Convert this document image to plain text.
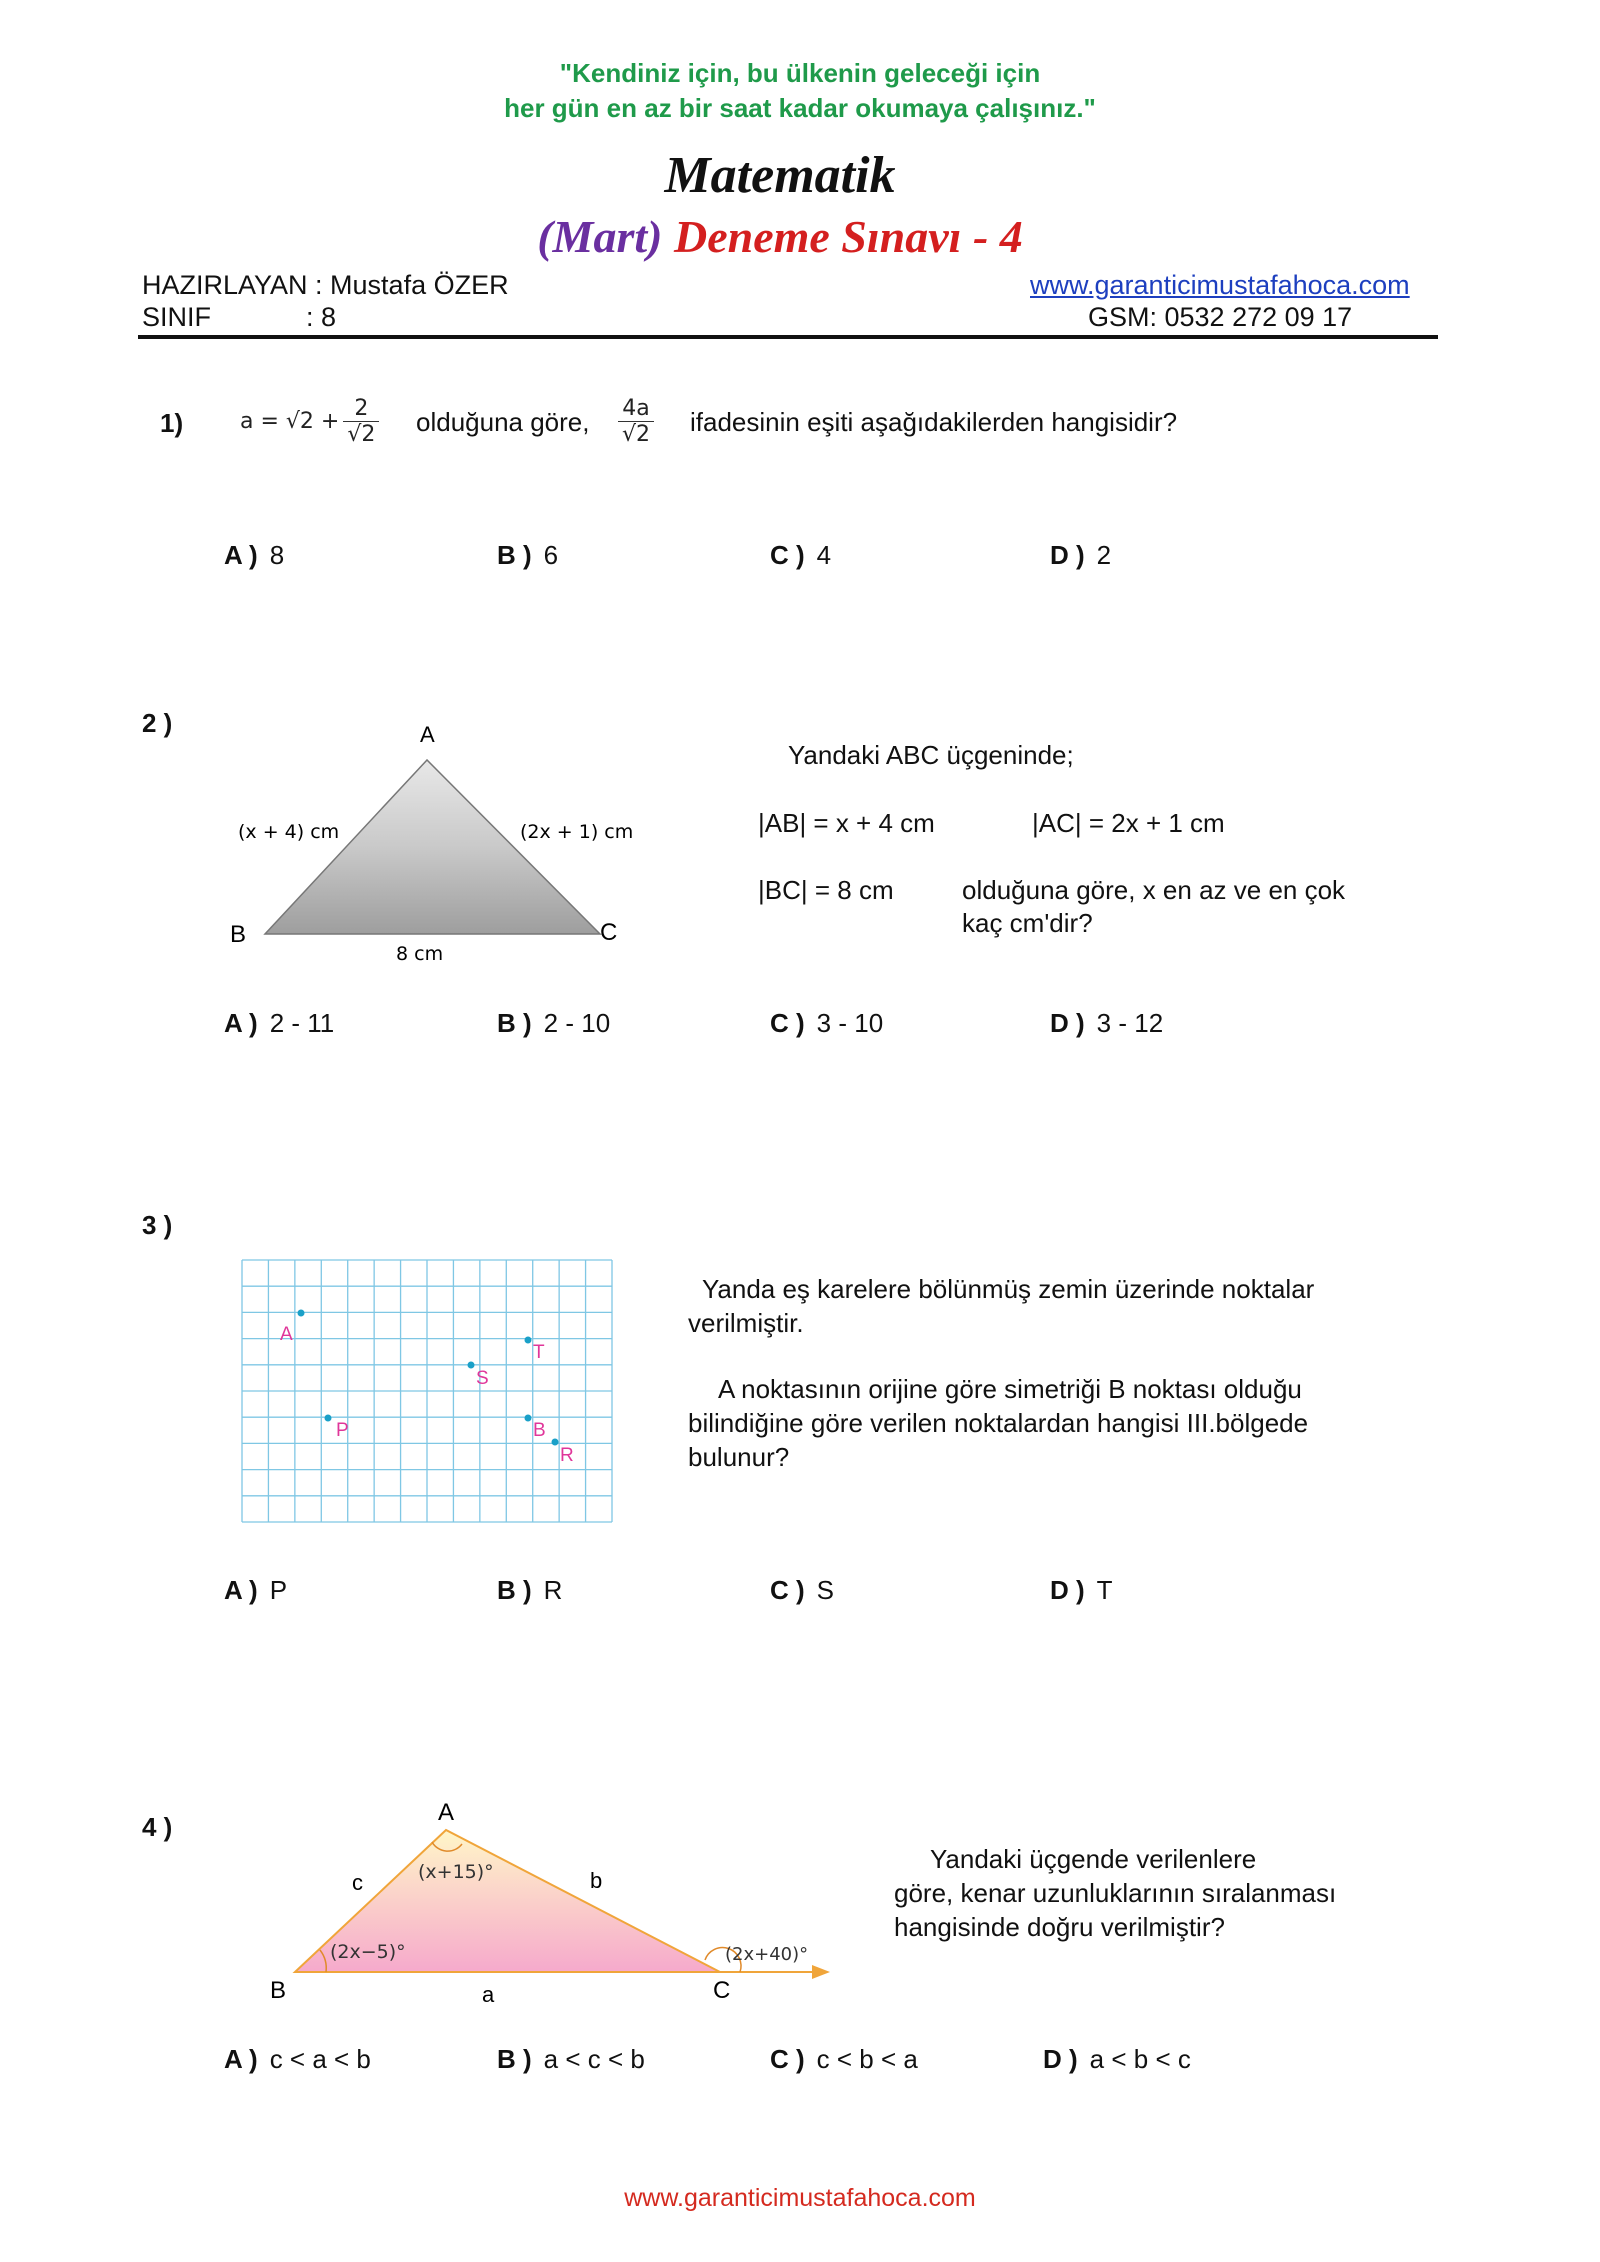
"Kendiniz için, bu ülkenin geleceği için
her gün en az bir saat kadar okumaya çalışınız."
Matematik
(Mart) Deneme Sınavı - 4
HAZIRLAYAN : Mustafa ÖZER
SINIF	: 8
www.garanticimustafahoca.com
GSM: 0532 272 09 17
1)	$a = √2 + \frac{2}{√2}$ olduğuna göre, $\frac{4a}{√2}$ ifadesinin eşiti aşağıdakilerden hangisidir?
A ) 8	B ) 6	C ) 4	D ) 2
2 )	A
B	C
(x + 4) cm	(2x + 1) cm
8 cm
Yandaki ABC üçgeninde;
|AB| = x + 4 cm	|AC| = 2x + 1 cm
|BC| = 8 cm	olduğuna göre, x en az ve en çok
kaç cm'dir?
A ) 2 - 11	B ) 2 - 10	C ) 3 - 10	D ) 3 - 12
3 )
A
T
S
P	B
R
Yanda eş karelere bölünmüş zemin üzerinde noktalar
verilmiştir.
A noktasının orijine göre simetriği B noktası olduğu
bilindiğine göre verilen noktalardan hangisi III.bölgede
bulunur?
A ) P	B ) R	C ) S	D ) T
4 )	A
B	C
c	b
a
(x+15)°
(2x−5)°	(2x+40)°
Yandaki üçgende verilenlere
göre, kenar uzunluklarının sıralanması
hangisinde doğru verilmiştir?
A ) c < a < b	B ) a < c < b	C ) c < b < a	D ) a < b < c
www.garanticimustafahoca.com
